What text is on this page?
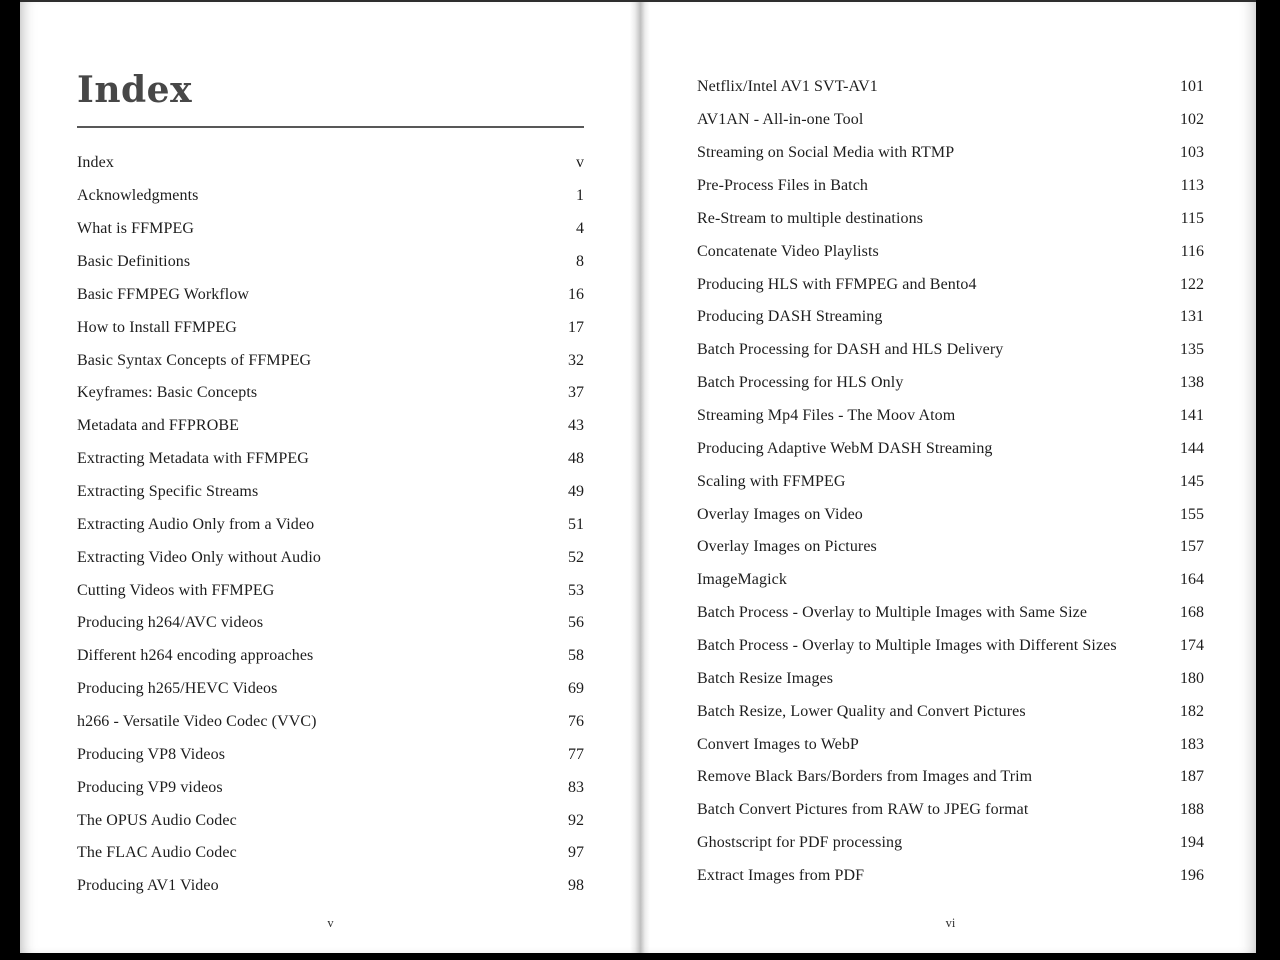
Index
Index	v
Acknowledgments	1
What is FFMPEG	4
Basic Definitions	8
Basic FFMPEG Workflow	16
How to Install FFMPEG	17
Basic Syntax Concepts of FFMPEG	32
Keyframes: Basic Concepts	37
Metadata and FFPROBE	43
Extracting Metadata with FFMPEG	48
Extracting Specific Streams	49
Extracting Audio Only from a Video	51
Extracting Video Only without Audio	52
Cutting Videos with FFMPEG	53
Producing h264/AVC videos	56
Different h264 encoding approaches	58
Producing h265/HEVC Videos	69
h266 - Versatile Video Codec (VVC)	76
Producing VP8 Videos	77
Producing VP9 videos	83
The OPUS Audio Codec	92
The FLAC Audio Codec	97
Producing AV1 Video	98
v
Netflix/Intel AV1 SVT-AV1	101
AV1AN - All-in-one Tool	102
Streaming on Social Media with RTMP	103
Pre-Process Files in Batch	113
Re-Stream to multiple destinations	115
Concatenate Video Playlists	116
Producing HLS with FFMPEG and Bento4	122
Producing DASH Streaming	131
Batch Processing for DASH and HLS Delivery	135
Batch Processing for HLS Only	138
Streaming Mp4 Files - The Moov Atom	141
Producing Adaptive WebM DASH Streaming	144
Scaling with FFMPEG	145
Overlay Images on Video	155
Overlay Images on Pictures	157
ImageMagick	164
Batch Process - Overlay to Multiple Images with Same Size	168
Batch Process - Overlay to Multiple Images with Different Sizes	174
Batch Resize Images	180
Batch Resize, Lower Quality and Convert Pictures	182
Convert Images to WebP	183
Remove Black Bars/Borders from Images and Trim	187
Batch Convert Pictures from RAW to JPEG format	188
Ghostscript for PDF processing	194
Extract Images from PDF	196
vi
